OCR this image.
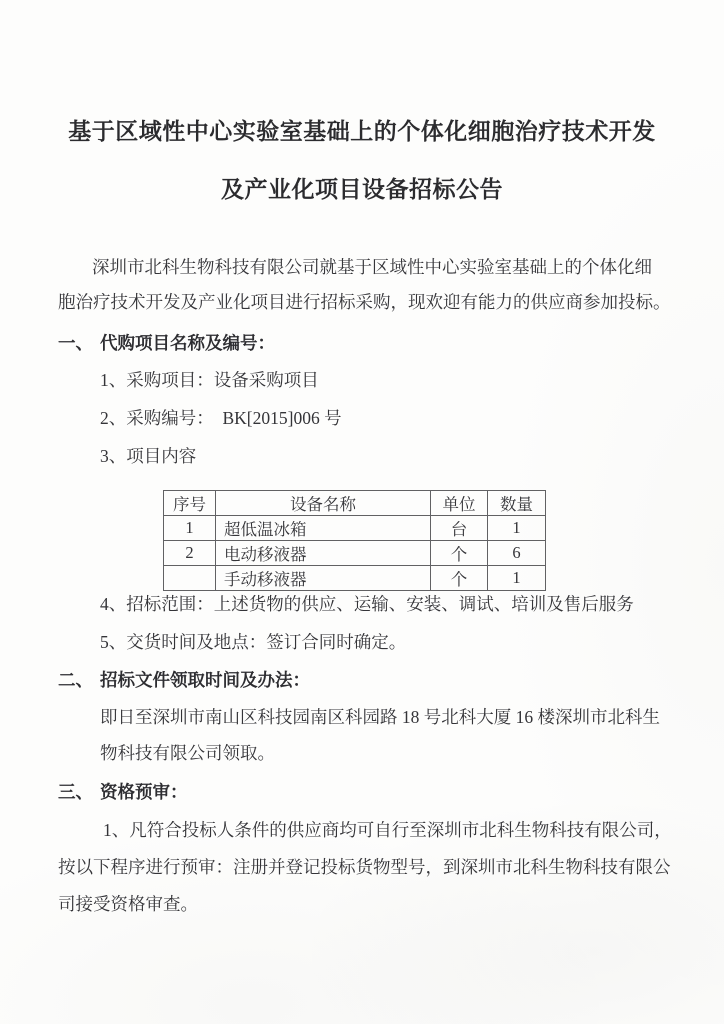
基于区域性中心实验室基础上的个体化细胞治疗技术开发
及产业化项目设备招标公告
深圳市北科生物科技有限公司就基于区域性中心实验室基础上的个体化细
胞治疗技术开发及产业化项目进行招标采购，现欢迎有能力的供应商参加投标。
一、 代购项目名称及编号：
1、采购项目：设备采购项目
2、采购编号：　BK[2015]006 号
3、项目内容
序号	设备名称	单位	数量
1	超低温冰箱	台	1
2	电动移液器	个	6
	手动移液器	个	1
4、招标范围：上述货物的供应、运输、安装、调试、培训及售后服务
5、交货时间及地点：签订合同时确定。
二、 招标文件领取时间及办法：
即日至深圳市南山区科技园南区科园路 18 号北科大厦 16 楼深圳市北科生
物科技有限公司领取。
三、 资格预审：
1、凡符合投标人条件的供应商均可自行至深圳市北科生物科技有限公司，
按以下程序进行预审：注册并登记投标货物型号，到深圳市北科生物科技有限公
司接受资格审查。
